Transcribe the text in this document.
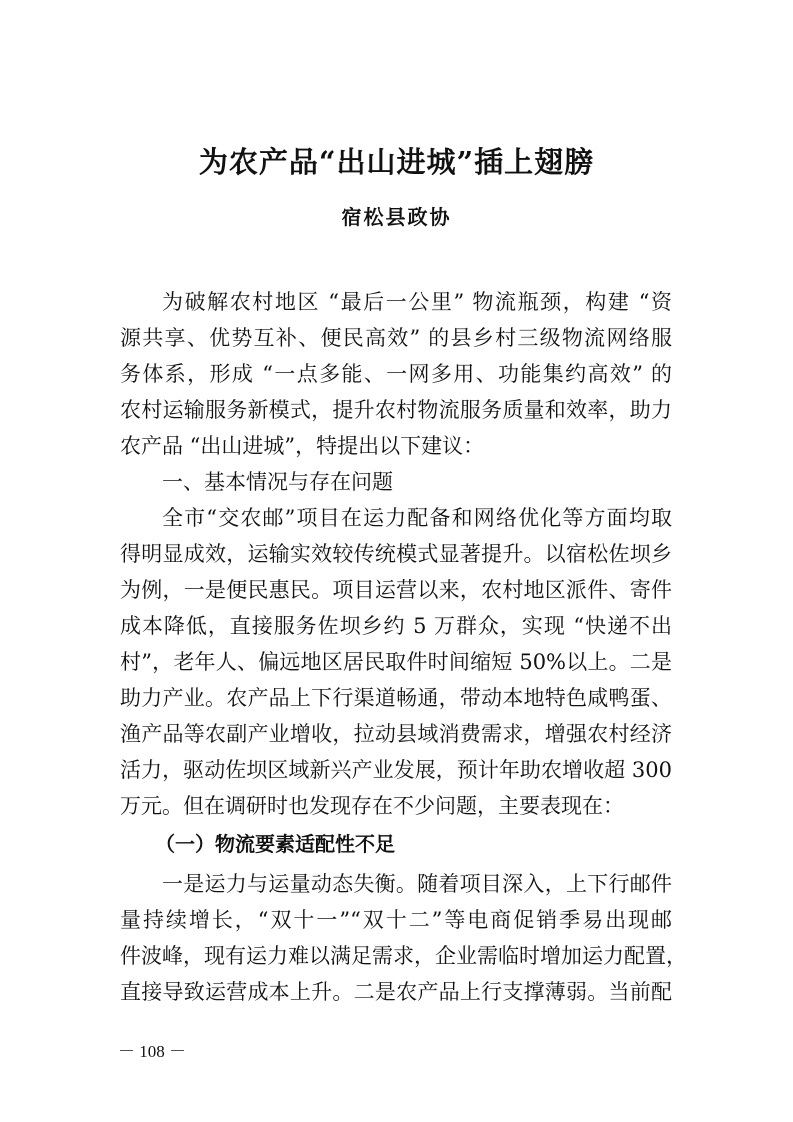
为农产品“出山进城”插上翅膀
宿松县政协
为破解农村地区 “最后一公里” 物流瓶颈，构建 “资
源共享、优势互补、便民高效” 的县乡村三级物流网络服
务体系，形成 “一点多能、一网多用、功能集约高效” 的
农村运输服务新模式，提升农村物流服务质量和效率，助力
农产品 “出山进城”，特提出以下建议：
一、基本情况与存在问题
全市“交农邮”项目在运力配备和网络优化等方面均取
得明显成效，运输实效较传统模式显著提升。以宿松佐坝乡
为例，一是便民惠民。项目运营以来，农村地区派件、寄件
成本降低，直接服务佐坝乡约 5 万群众，实现 “快递不出
村”，老年人、偏远地区居民取件时间缩短 50%以上。二是
助力产业。农产品上下行渠道畅通，带动本地特色咸鸭蛋、
渔产品等农副产业增收，拉动县域消费需求，增强农村经济
活力，驱动佐坝区域新兴产业发展，预计年助农增收超 300
万元。但在调研时也发现存在不少问题，主要表现在：
（一）物流要素适配性不足
一是运力与运量动态失衡。随着项目深入，上下行邮件
量持续增长，“双十一”“双十二”等电商促销季易出现邮
件波峰，现有运力难以满足需求，企业需临时增加运力配置，
直接导致运营成本上升。二是农产品上行支撑薄弱。当前配
－ 108 －
